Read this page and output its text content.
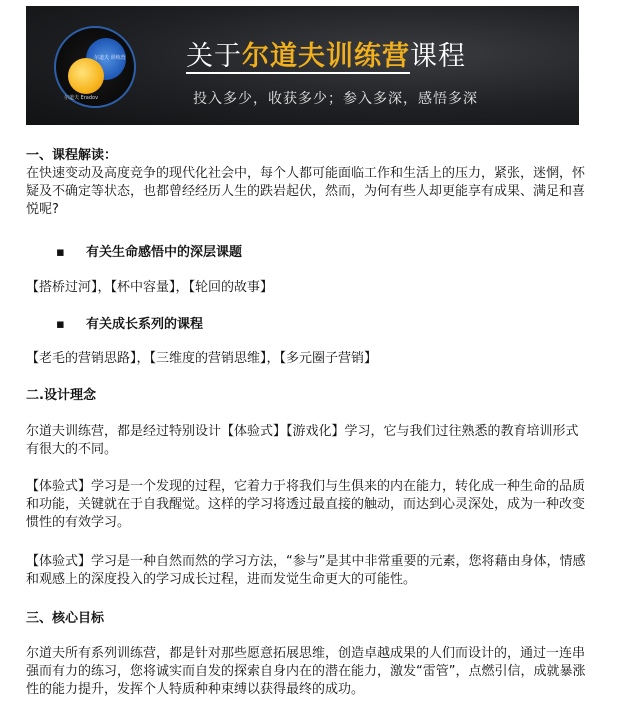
尔道夫 训练营
尔道夫 Eradov
关于尔道夫训练营课程
投入多少，收获多少；参入多深，感悟多深
一、课程解读：
在快速变动及高度竞争的现代化社会中，每个人都可能面临工作和生活上的压力，紧张，迷惘，怀疑及不确定等状态，也都曾经经历人生的跌岩起伏，然而，为何有些人却更能享有成果、满足和喜悦呢?
▪
有关生命感悟中的深层课题
【搭桥过河】，【杯中容量】，【轮回的故事】
▪
有关成长系列的课程
【老毛的营销思路】，【三维度的营销思维】，【多元圈子营销】
二.设计理念
尔道夫训练营，都是经过特别设计【体验式】【游戏化】学习，它与我们过往熟悉的教育培训形式有很大的不同。
【体验式】学习是一个发现的过程，它着力于将我们与生俱来的内在能力，转化成一种生命的品质和功能，关键就在于自我醒觉。这样的学习将透过最直接的触动，而达到心灵深处，成为一种改变惯性的有效学习。
【体验式】学习是一种自然而然的学习方法，“参与”是其中非常重要的元素，您将藉由身体，情感和观感上的深度投入的学习成长过程，进而发觉生命更大的可能性。
三、核心目标
尔道夫所有系列训练营，都是针对那些愿意拓展思维，创造卓越成果的人们而设计的，通过一连串强而有力的练习，您将诚实而自发的探索自身内在的潜在能力，激发“雷管”，点燃引信，成就暴涨性的能力提升，发挥个人特质种种束缚以获得最终的成功。
